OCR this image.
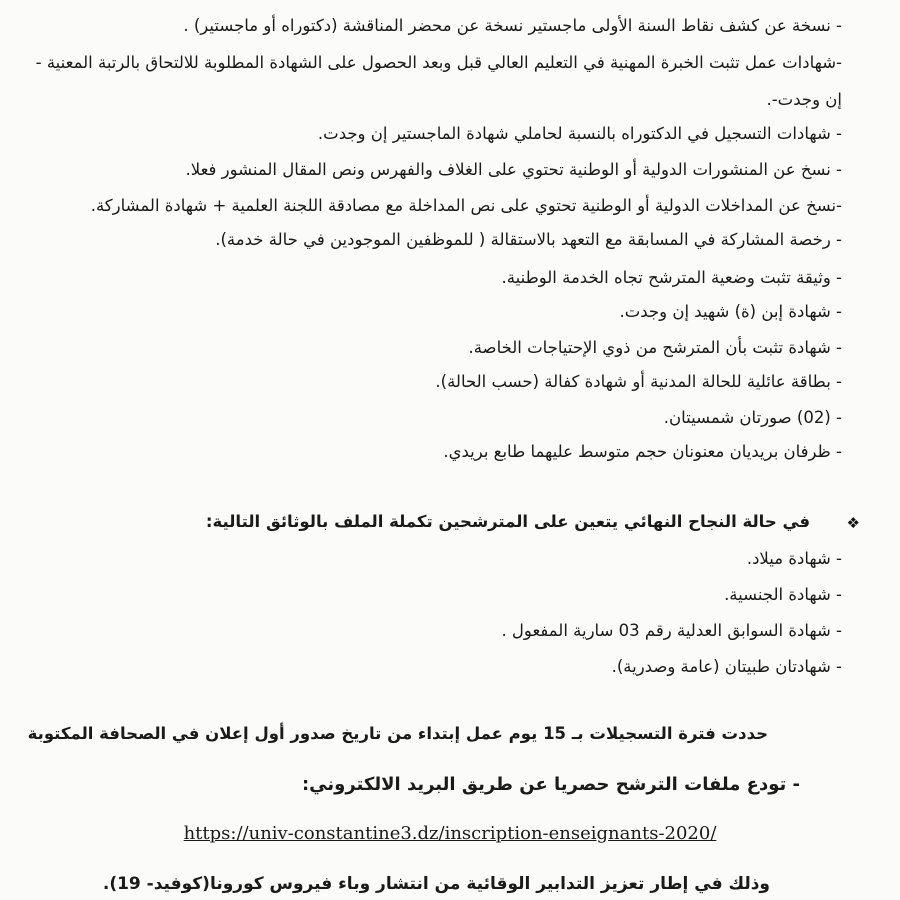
- نسخة عن كشف نقاط السنة الأولى ماجستير نسخة عن محضر المناقشة (دكتوراه أو ماجستير) .
-شهادات عمل تثبت الخبرة المهنية في التعليم العالي قبل وبعد الحصول على الشهادة المطلوبة للالتحاق بالرتبة المعنية -
إن وجدت-.
- شهادات التسجيل في الدكتوراه بالنسبة لحاملي شهادة الماجستير إن وجدت.
- نسخ عن المنشورات الدولية أو الوطنية تحتوي على الغلاف والفهرس ونص المقال المنشور فعلا.
-نسخ عن المداخلات الدولية أو الوطنية تحتوي على نص المداخلة مع مصادقة اللجنة العلمية + شهادة المشاركة.
- رخصة المشاركة في المسابقة مع التعهد بالاستقالة ( للموظفين الموجودين في حالة خدمة).
- وثيقة تثبت وضعية المترشح تجاه الخدمة الوطنية.
- شهادة إبن (ة) شهيد إن وجدت.
- شهادة تثبت بأن المترشح من ذوي الإحتياجات الخاصة.
- بطاقة عائلية للحالة المدنية أو شهادة كفالة (حسب الحالة).
- (02) صورتان شمسيتان.
- ظرفان بريديان معنونان حجم متوسط عليهما طابع بريدي.
❖
في حالة النجاح النهائي يتعين على المترشحين تكملة الملف بالوثائق التالية:
- شهادة ميلاد.
- شهادة الجنسية.
- شهادة السوابق العدلية رقم 03 سارية المفعول .
- شهادتان طبيتان (عامة وصدرية).
حددت فترة التسجيلات بـ 15 يوم عمل إبتداء من تاريخ صدور أول إعلان في الصحافة المكتوبة
- تودع ملفات الترشح حصريا عن طريق البريد الالكتروني:
https://univ-constantine3.dz/inscription-enseignants-2020/
وذلك في إطار تعزيز التدابير الوقائية من انتشار وباء فيروس كورونا(كوفيد- 19).
